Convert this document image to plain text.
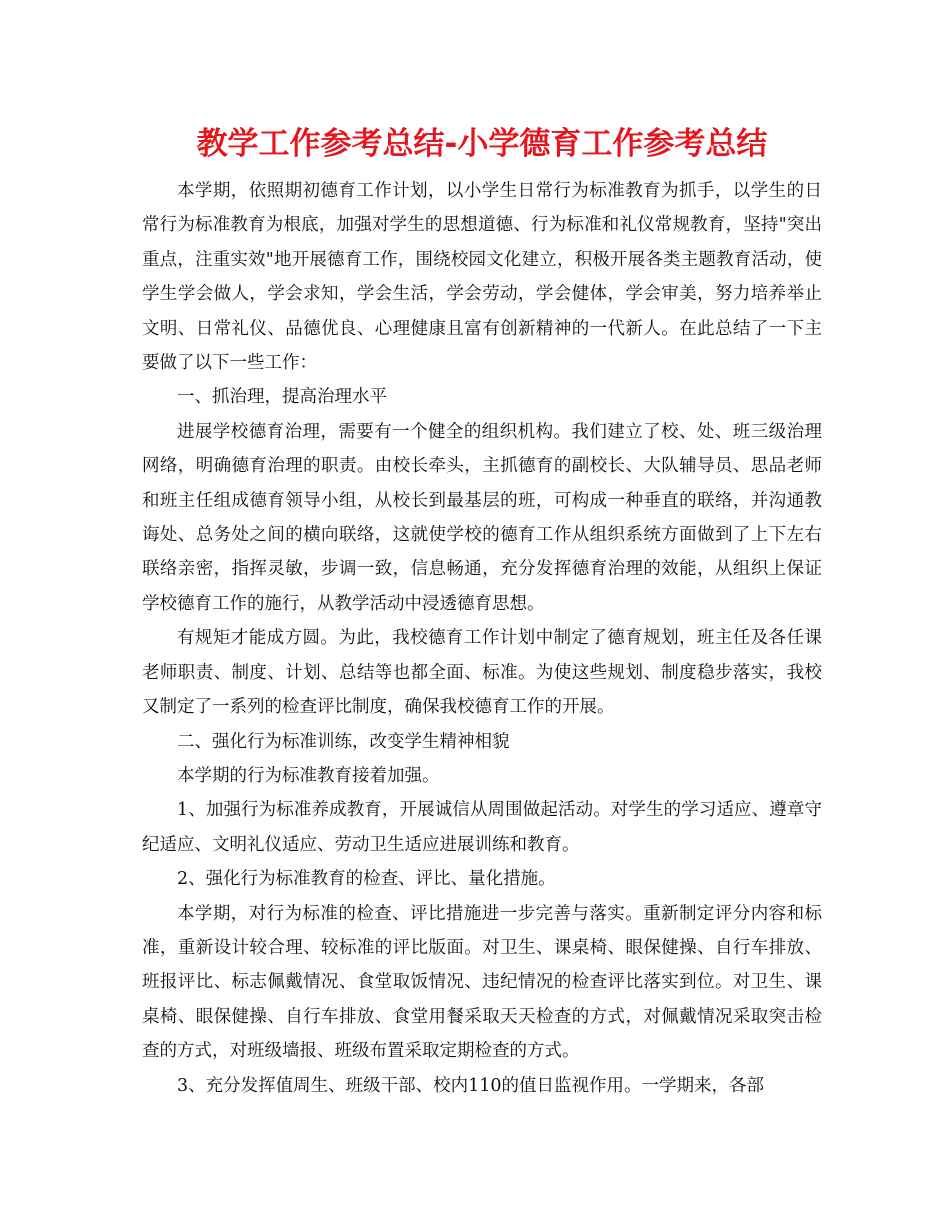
教学工作参考总结-小学德育工作参考总结

本学期，依照期初德育工作计划，以小学生日常行为标准教育为抓手，以学生的日常行为标准教育为根底，加强对学生的思想道德、行为标准和礼仪常规教育，坚持"突出重点，注重实效"地开展德育工作，围绕校园文化建立，积极开展各类主题教育活动，使学生学会做人，学会求知，学会生活，学会劳动，学会健体，学会审美，努力培养举止文明、日常礼仪、品德优良、心理健康且富有创新精神的一代新人。在此总结了一下主要做了以下一些工作：

一、抓治理，提高治理水平

进展学校德育治理，需要有一个健全的组织机构。我们建立了校、处、班三级治理网络，明确德育治理的职责。由校长牵头，主抓德育的副校长、大队辅导员、思品老师和班主任组成德育领导小组，从校长到最基层的班，可构成一种垂直的联络，并沟通教诲处、总务处之间的横向联络，这就使学校的德育工作从组织系统方面做到了上下左右联络亲密，指挥灵敏，步调一致，信息畅通，充分发挥德育治理的效能，从组织上保证学校德育工作的施行，从教学活动中浸透德育思想。

有规矩才能成方圆。为此，我校德育工作计划中制定了德育规划，班主任及各任课老师职责、制度、计划、总结等也都全面、标准。为使这些规划、制度稳步落实，我校又制定了一系列的检查评比制度，确保我校德育工作的开展。

二、强化行为标准训练，改变学生精神相貌

本学期的行为标准教育接着加强。

1、加强行为标准养成教育，开展诚信从周围做起活动。对学生的学习适应、遵章守纪适应、文明礼仪适应、劳动卫生适应进展训练和教育。

2、强化行为标准教育的检查、评比、量化措施。

本学期，对行为标准的检查、评比措施进一步完善与落实。重新制定评分内容和标准，重新设计较合理、较标准的评比版面。对卫生、课桌椅、眼保健操、自行车排放、班报评比、标志佩戴情况、食堂取饭情况、违纪情况的检查评比落实到位。对卫生、课桌椅、眼保健操、自行车排放、食堂用餐采取天天检查的方式，对佩戴情况采取突击检查的方式，对班级墙报、班级布置采取定期检查的方式。

3、充分发挥值周生、班级干部、校内110的值日监视作用。一学期来，各部
